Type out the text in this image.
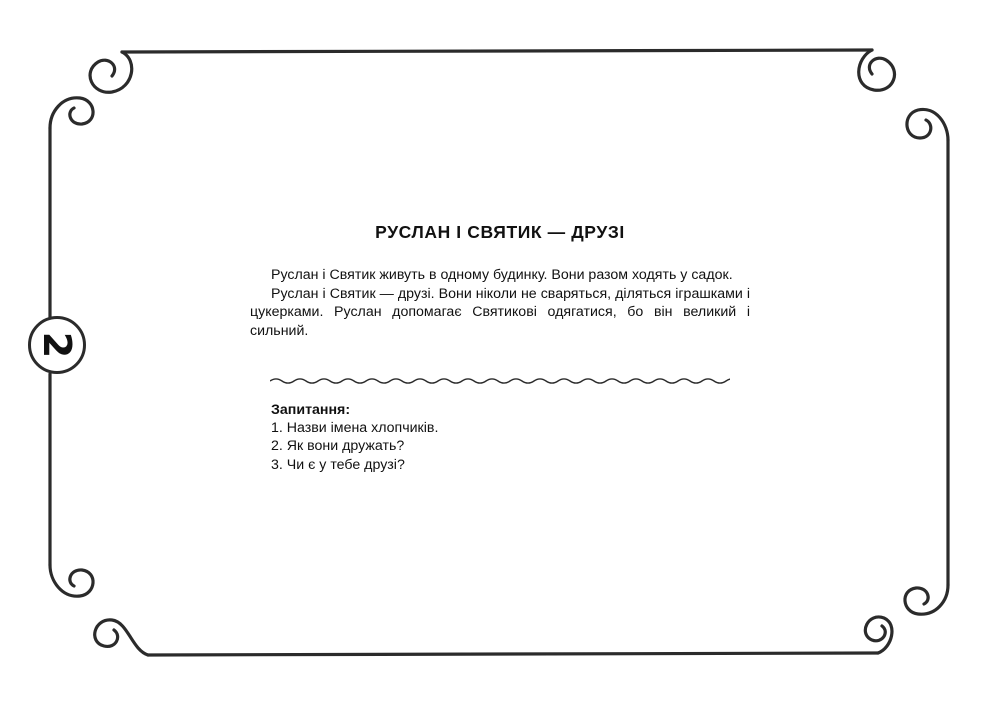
2
РУСЛАН І СВЯТИК — ДРУЗІ

Руслан і Святик живуть в одному будинку. Вони разом ходять у садок.

Руслан і Святик — друзі. Вони ніколи не сваряться, діляться іграшками і цукерками. Руслан допомагає Святикові одягатися, бо він великий і сильний.

Запитання:
1. Назви імена хлопчиків.
2. Як вони дружать?
3. Чи є у тебе друзі?
